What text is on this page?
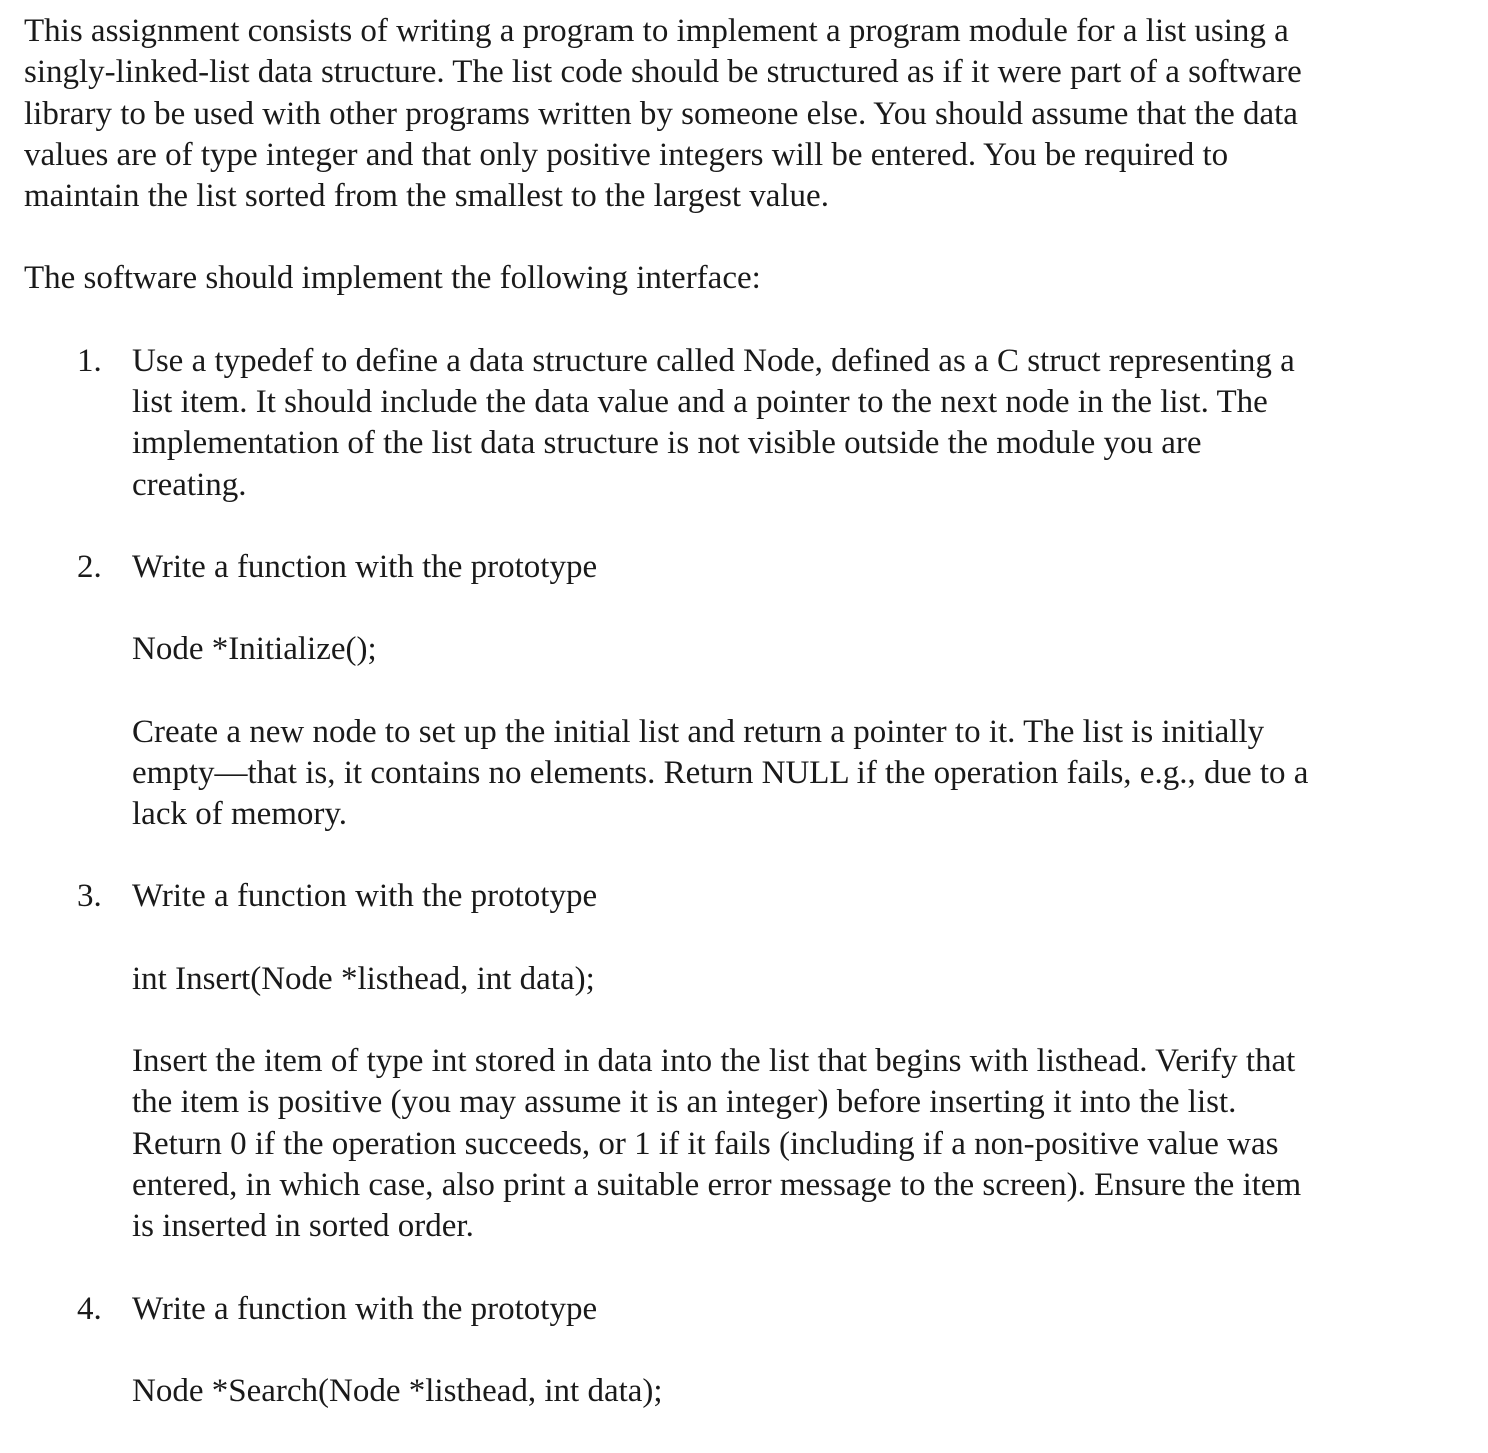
This assignment consists of writing a program to implement a program module for a list using a
singly-linked-list data structure. The list code should be structured as if it were part of a software
library to be used with other programs written by someone else. You should assume that the data
values are of type integer and that only positive integers will be entered. You be required to
maintain the list sorted from the smallest to the largest value.

The software should implement the following interface:

1. Use a typedef to define a data structure called Node, defined as a C struct representing a
list item. It should include the data value and a pointer to the next node in the list. The
implementation of the list data structure is not visible outside the module you are
creating.

2. Write a function with the prototype

Node *Initialize();

Create a new node to set up the initial list and return a pointer to it. The list is initially
empty—that is, it contains no elements. Return NULL if the operation fails, e.g., due to a
lack of memory.

3. Write a function with the prototype

int Insert(Node *listhead, int data);

Insert the item of type int stored in data into the list that begins with listhead. Verify that
the item is positive (you may assume it is an integer) before inserting it into the list.
Return 0 if the operation succeeds, or 1 if it fails (including if a non-positive value was
entered, in which case, also print a suitable error message to the screen). Ensure the item
is inserted in sorted order.

4. Write a function with the prototype

Node *Search(Node *listhead, int data);
